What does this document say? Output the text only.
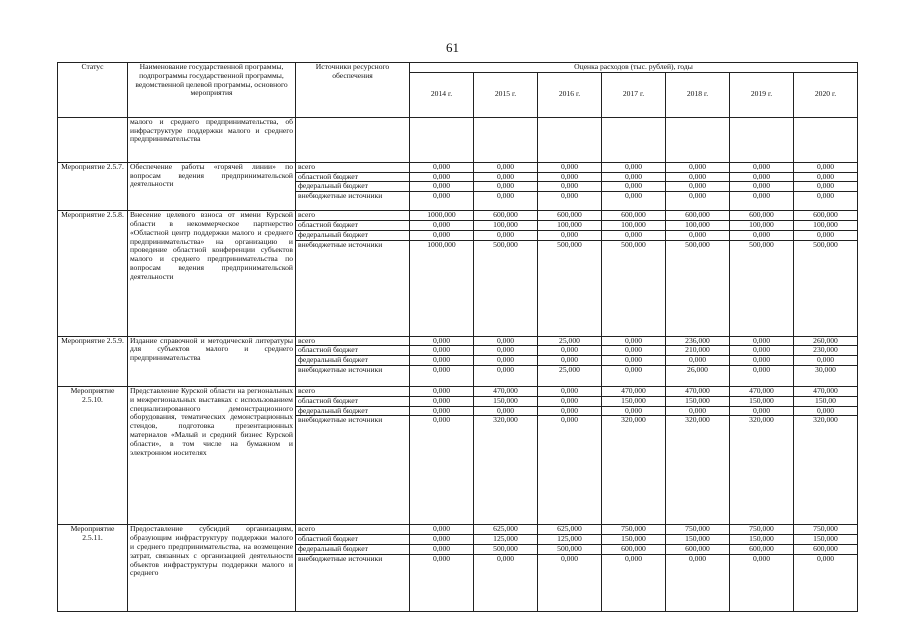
61
Статус	Наименование государственной программы, подпрограммы государственной программы, ведомственной целевой программы, основного мероприятия	Источники ресурсного обеспечения	Оценка расходов (тыс. рублей), годы						
			2014 г.	2015 г.	2016 г.	2017 г.	2018 г.	2019 г.	2020 г.
	малого и среднего предпринимательства, об инфраструктуре поддержки малого и среднего предпринимательства								
Мероприятие 2.5.7.	Обеспечение работы «горячей линии» по вопросам ведения предпринимательской деятельности	всего	0,000	0,000	0,000	0,000	0,000	0,000	0,000
		областной бюджет	0,000	0,000	0,000	0,000	0,000	0,000	0,000
		федеральный бюджет	0,000	0,000	0,000	0,000	0,000	0,000	0,000
		внебюджетные источники	0,000	0,000	0,000	0,000	0,000	0,000	0,000
Мероприятие 2.5.8.	Внесение целевого взноса от имени Курской области в некоммерческое партнерство «Областной центр поддержки малого и среднего предпринимательства» на организацию и проведение областной конференции субъектов малого и среднего предпринимательства по вопросам ведения предпринимательской деятельности	всего	1000,000	600,000	600,000	600,000	600,000	600,000	600,000
		областной бюджет	0,000	100,000	100,000	100,000	100,000	100,000	100,000
		федеральный бюджет	0,000	0,000	0,000	0,000	0,000	0,000	0,000
		внебюджетные источники	1000,000	500,000	500,000	500,000	500,000	500,000	500,000
Мероприятие 2.5.9.	Издание справочной и методической литературы для субъектов малого и среднего предпринимательства	всего	0,000	0,000	25,000	0,000	236,000	0,000	260,000
		областной бюджет	0,000	0,000	0,000	0,000	210,000	0,000	230,000
		федеральный бюджет	0,000	0,000	0,000	0,000	0,000	0,000	0,000
		внебюджетные источники	0,000	0,000	25,000	0,000	26,000	0,000	30,000
Мероприятие 2.5.10.	Представление Курской области на региональных и межрегиональных выставках с использованием специализированного демонстрационного оборудования, тематических демонстрационных стендов, подготовка презентационных материалов «Малый и средний бизнес Курской области», в том числе на бумажном и электронном носителях	всего	0,000	470,000	0,000	470,000	470,000	470,000	470,000
		областной бюджет	0,000	150,000	0,000	150,000	150,000	150,000	150,00
		федеральный бюджет	0,000	0,000	0,000	0,000	0,000	0,000	0,000
		внебюджетные источники	0,000	320,000	0,000	320,000	320,000	320,000	320,000
Мероприятие 2.5.11.	Предоставление субсидий организациям, образующим инфраструктуру поддержки малого и среднего предпринимательства, на возмещение затрат, связанных с организацией деятельности объектов инфраструктуры поддержки малого и среднего	всего	0,000	625,000	625,000	750,000	750,000	750,000	750,000
		областной бюджет	0,000	125,000	125,000	150,000	150,000	150,000	150,000
		федеральный бюджет	0,000	500,000	500,000	600,000	600,000	600,000	600,000
		внебюджетные источники	0,000	0,000	0,000	0,000	0,000	0,000	0,000
